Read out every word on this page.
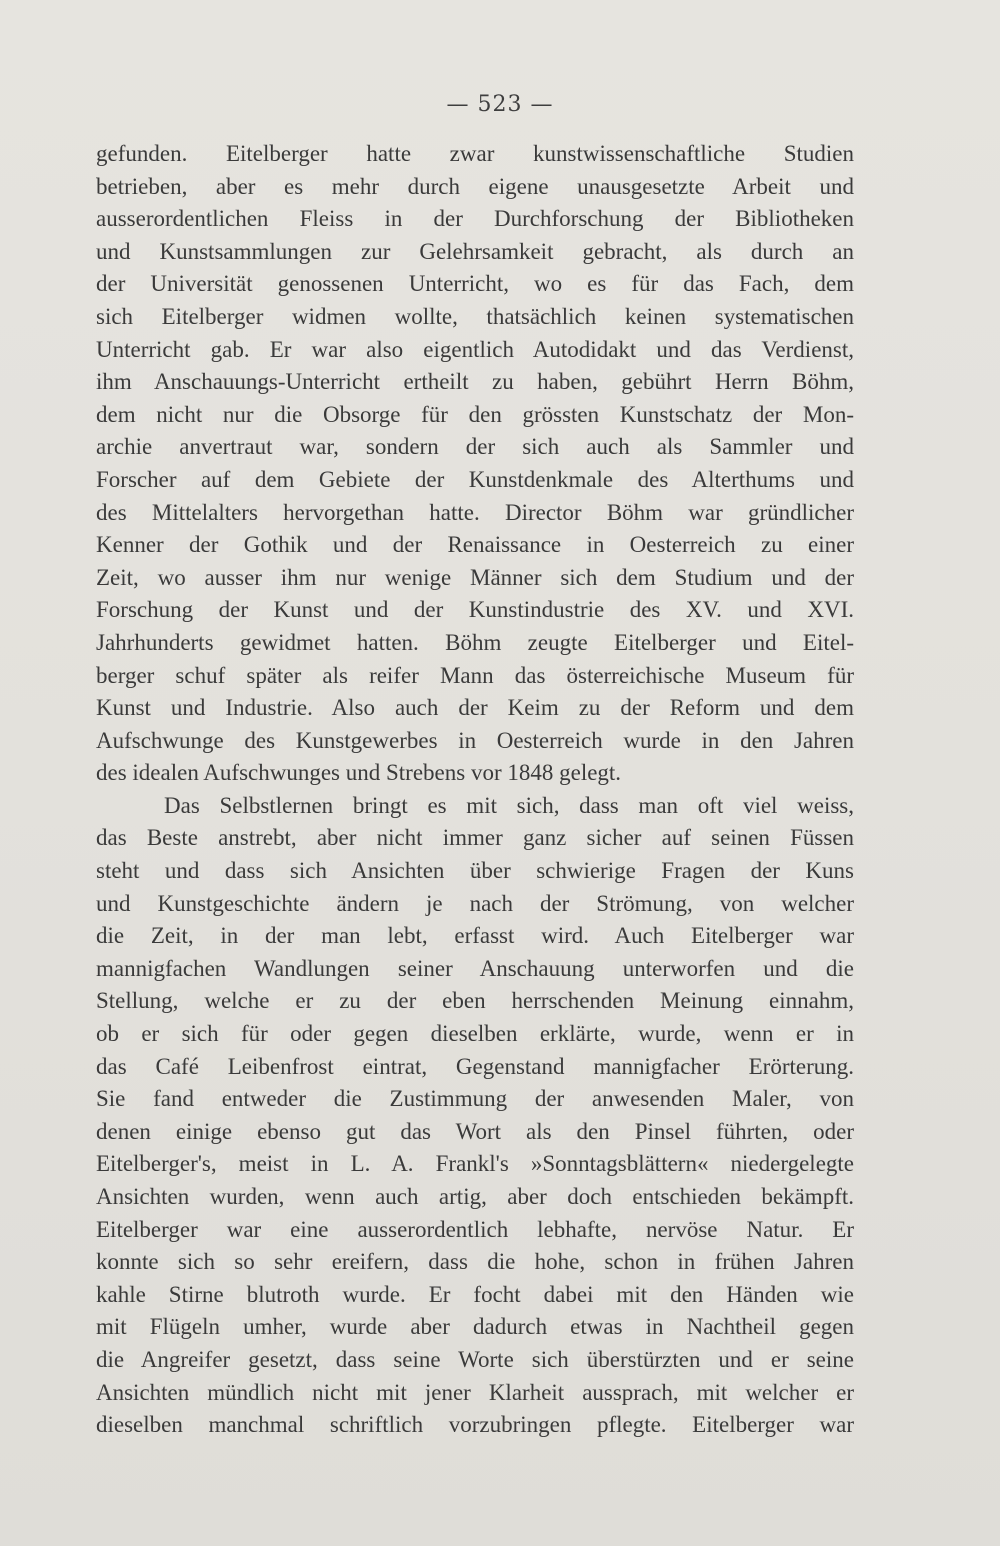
— 523 —
gefunden. Eitelberger hatte zwar kunstwissenschaftliche Studien
betrieben, aber es mehr durch eigene unausgesetzte Arbeit und
ausserordentlichen Fleiss in der Durchforschung der Bibliotheken
und Kunstsammlungen zur Gelehrsamkeit gebracht, als durch an
der Universität genossenen Unterricht, wo es für das Fach, dem
sich Eitelberger widmen wollte, thatsächlich keinen systematischen
Unterricht gab. Er war also eigentlich Autodidakt und das Verdienst,
ihm Anschauungs-Unterricht ertheilt zu haben, gebührt Herrn Böhm,
dem nicht nur die Obsorge für den grössten Kunstschatz der Mon-
archie anvertraut war, sondern der sich auch als Sammler und
Forscher auf dem Gebiete der Kunstdenkmale des Alterthums und
des Mittelalters hervorgethan hatte. Director Böhm war gründlicher
Kenner der Gothik und der Renaissance in Oesterreich zu einer
Zeit, wo ausser ihm nur wenige Männer sich dem Studium und der
Forschung der Kunst und der Kunstindustrie des XV. und XVI.
Jahrhunderts gewidmet hatten. Böhm zeugte Eitelberger und Eitel-
berger schuf später als reifer Mann das österreichische Museum für
Kunst und Industrie. Also auch der Keim zu der Reform und dem
Aufschwunge des Kunstgewerbes in Oesterreich wurde in den Jahren
des idealen Aufschwunges und Strebens vor 1848 gelegt.
Das Selbstlernen bringt es mit sich, dass man oft viel weiss,
das Beste anstrebt, aber nicht immer ganz sicher auf seinen Füssen
steht und dass sich Ansichten über schwierige Fragen der Kuns
und Kunstgeschichte ändern je nach der Strömung, von welcher
die Zeit, in der man lebt, erfasst wird. Auch Eitelberger war
mannigfachen Wandlungen seiner Anschauung unterworfen und die
Stellung, welche er zu der eben herrschenden Meinung einnahm,
ob er sich für oder gegen dieselben erklärte, wurde, wenn er in
das Café Leibenfrost eintrat, Gegenstand mannigfacher Erörterung.
Sie fand entweder die Zustimmung der anwesenden Maler, von
denen einige ebenso gut das Wort als den Pinsel führten, oder
Eitelberger's, meist in L. A. Frankl's »Sonntagsblättern« niedergelegte
Ansichten wurden, wenn auch artig, aber doch entschieden bekämpft.
Eitelberger war eine ausserordentlich lebhafte, nervöse Natur. Er
konnte sich so sehr ereifern, dass die hohe, schon in frühen Jahren
kahle Stirne blutroth wurde. Er focht dabei mit den Händen wie
mit Flügeln umher, wurde aber dadurch etwas in Nachtheil gegen
die Angreifer gesetzt, dass seine Worte sich überstürzten und er seine
Ansichten mündlich nicht mit jener Klarheit aussprach, mit welcher er
dieselben manchmal schriftlich vorzubringen pflegte. Eitelberger war
